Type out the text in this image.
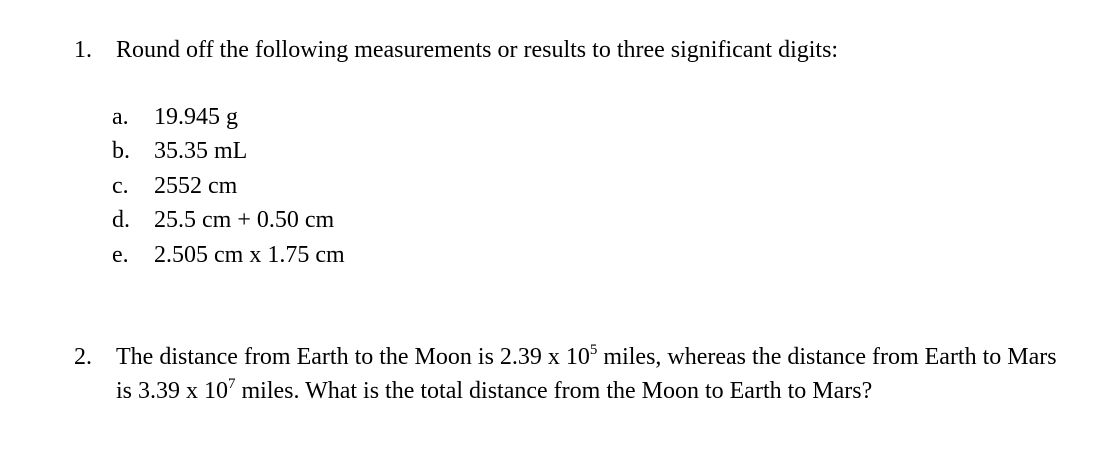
1. Round off the following measurements or results to three significant digits:
a. 19.945 g
b. 35.35 mL
c. 2552 cm
d. 25.5 cm + 0.50 cm
e. 2.505 cm x 1.75 cm
2. The distance from Earth to the Moon is 2.39 x $10^5$ miles, whereas the distance from Earth to Mars is 3.39 x $10^7$ miles. What is the total distance from the Moon to Earth to Mars?
